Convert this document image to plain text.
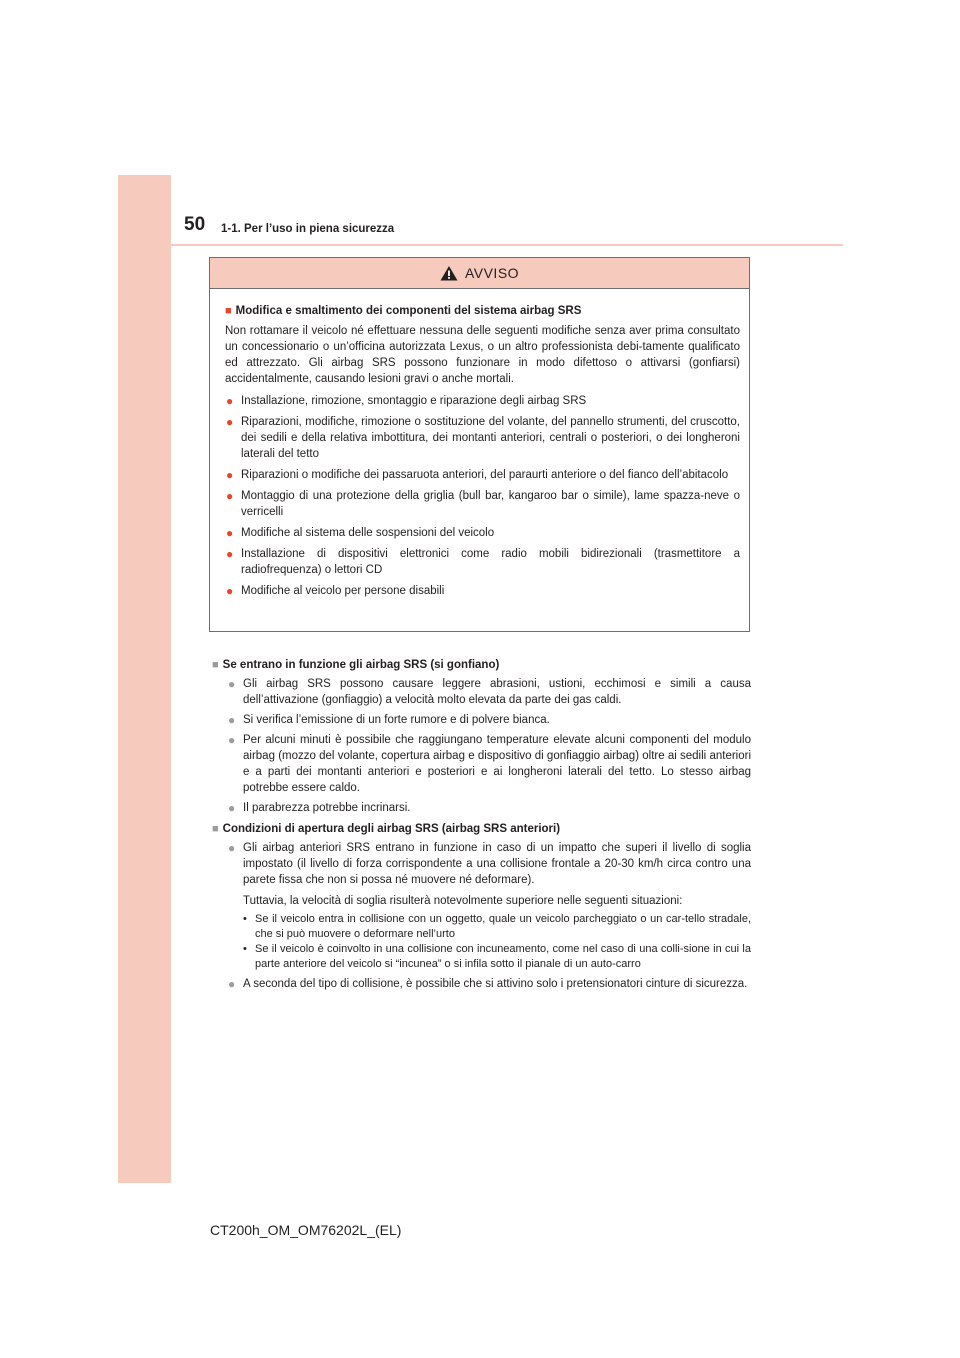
50 1-1. Per l’uso in piena sicurezza
AVVISO
■ Modifica e smaltimento dei componenti del sistema airbag SRS
Non rottamare il veicolo né effettuare nessuna delle seguenti modifiche senza aver prima consultato un concessionario o un’officina autorizzata Lexus, o un altro professionista debi-tamente qualificato ed attrezzato. Gli airbag SRS possono funzionare in modo difettoso o attivarsi (gonfiarsi) accidentalmente, causando lesioni gravi o anche mortali.
● Installazione, rimozione, smontaggio e riparazione degli airbag SRS
● Riparazioni, modifiche, rimozione o sostituzione del volante, del pannello strumenti, del cruscotto, dei sedili e della relativa imbottitura, dei montanti anteriori, centrali o posteriori, o dei longheroni laterali del tetto
● Riparazioni o modifiche dei passaruota anteriori, del paraurti anteriore o del fianco dell’abitacolo
● Montaggio di una protezione della griglia (bull bar, kangaroo bar o simile), lame spazza-neve o verricelli
● Modifiche al sistema delle sospensioni del veicolo
● Installazione di dispositivi elettronici come radio mobili bidirezionali (trasmettitore a radiofrequenza) o lettori CD
● Modifiche al veicolo per persone disabili
■ Se entrano in funzione gli airbag SRS (si gonfiano)
● Gli airbag SRS possono causare leggere abrasioni, ustioni, ecchimosi e simili a causa dell’attivazione (gonfiaggio) a velocità molto elevata da parte dei gas caldi.
● Si verifica l’emissione di un forte rumore e di polvere bianca.
● Per alcuni minuti è possibile che raggiungano temperature elevate alcuni componenti del modulo airbag (mozzo del volante, copertura airbag e dispositivo di gonfiaggio airbag) oltre ai sedili anteriori e a parti dei montanti anteriori e posteriori e ai longheroni laterali del tetto. Lo stesso airbag potrebbe essere caldo.
● Il parabrezza potrebbe incrinarsi.
■ Condizioni di apertura degli airbag SRS (airbag SRS anteriori)
● Gli airbag anteriori SRS entrano in funzione in caso di un impatto che superi il livello di soglia impostato (il livello di forza corrispondente a una collisione frontale a 20-30 km/h circa contro una parete fissa che non si possa né muovere né deformare).
Tuttavia, la velocità di soglia risulterà notevolmente superiore nelle seguenti situazioni:
• Se il veicolo entra in collisione con un oggetto, quale un veicolo parcheggiato o un car-tello stradale, che si può muovere o deformare nell’urto
• Se il veicolo è coinvolto in una collisione con incuneamento, come nel caso di una colli-sione in cui la parte anteriore del veicolo si “incunea” o si infila sotto il pianale di un auto-carro
● A seconda del tipo di collisione, è possibile che si attivino solo i pretensionatori cinture di sicurezza.
CT200h_OM_OM76202L_(EL)
